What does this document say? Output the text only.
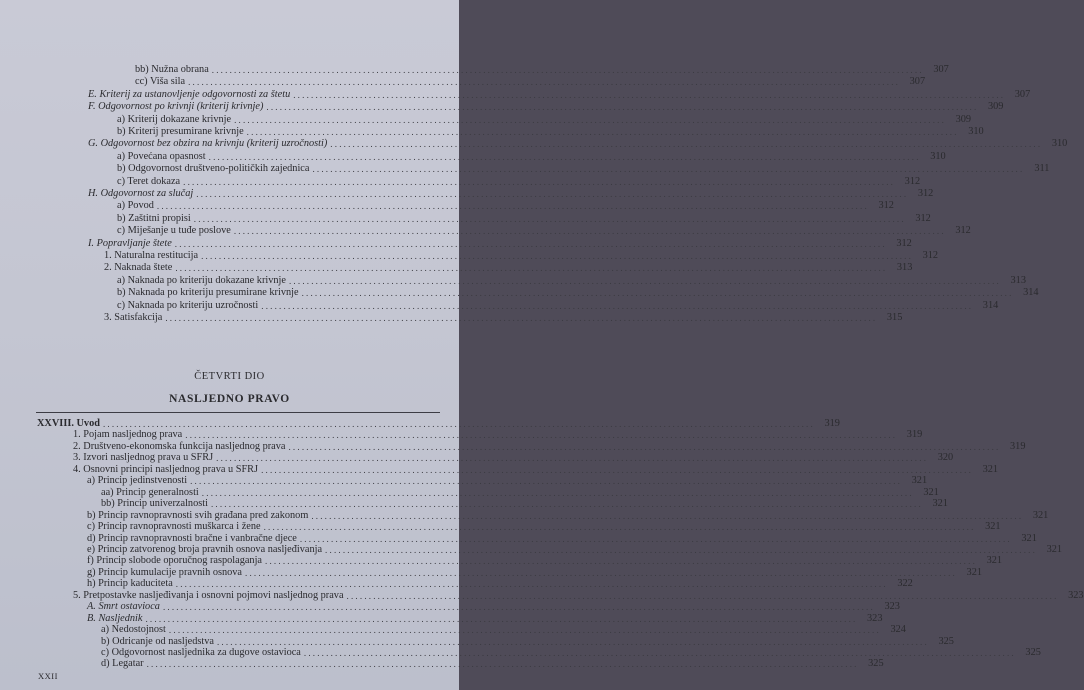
bb) Nužna obrana ................................................................................................................................................................ 307
cc) Viša sila ................................................................................................................................................................ 307
E. Kriterij za ustanovljenje odgovornosti za štetu ................................................................................................................................................................ 307
F. Odgovornost po krivnji (kriterij krivnje) ................................................................................................................................................................ 309
a) Kriterij dokazane krivnje ................................................................................................................................................................ 309
b) Kriterij presumirane krivnje ................................................................................................................................................................ 310
G. Odgovornost bez obzira na krivnju (kriterij uzročnosti) ................................................................................................................................................................ 310
a) Povećana opasnost ................................................................................................................................................................ 310
b) Odgovornost društveno-političkih zajednica ................................................................................................................................................................ 311
c) Teret dokaza ................................................................................................................................................................ 312
H. Odgovornost za slučaj ................................................................................................................................................................ 312
a) Povod ................................................................................................................................................................ 312
b) Zaštitni propisi ................................................................................................................................................................ 312
c) Miješanje u tuđe poslove ................................................................................................................................................................ 312
I. Popravljanje štete ................................................................................................................................................................ 312
1. Naturalna restitucija ................................................................................................................................................................ 312
2. Naknada štete ................................................................................................................................................................ 313
a) Naknada po kriteriju dokazane krivnje ................................................................................................................................................................ 313
b) Naknada po kriteriju presumirane krivnje ................................................................................................................................................................ 314
c) Naknada po kriteriju uzročnosti ................................................................................................................................................................ 314
3. Satisfakcija ................................................................................................................................................................ 315
ČETVRTI DIO
NASLJEDNO PRAVO
XXVIII. Uvod ................................................................................................................................................................ 319
1. Pojam nasljednog prava ................................................................................................................................................................ 319
2. Društveno-ekonomska funkcija nasljednog prava ................................................................................................................................................................ 319
3. Izvori nasljednog prava u SFRJ ................................................................................................................................................................ 320
4. Osnovni principi nasljednog prava u SFRJ ................................................................................................................................................................ 321
a) Princip jedinstvenosti ................................................................................................................................................................ 321
aa) Princip generalnosti ................................................................................................................................................................ 321
bb) Princip univerzalnosti ................................................................................................................................................................ 321
b) Princip ravnopravnosti svih građana pred zakonom ................................................................................................................................................................ 321
c) Princip ravnopravnosti muškarca i žene ................................................................................................................................................................ 321
d) Princip ravnopravnosti bračne i vanbračne djece ................................................................................................................................................................ 321
e) Princip zatvorenog broja pravnih osnova nasljeđivanja ................................................................................................................................................................ 321
f) Princip slobode oporučnog raspolaganja ................................................................................................................................................................ 321
g) Princip kumulacije pravnih osnova ................................................................................................................................................................ 321
h) Princip kaduciteta ................................................................................................................................................................ 322
5. Pretpostavke nasljeđivanja i osnovni pojmovi nasljednog prava ................................................................................................................................................................ 323
A. Smrt ostavioca ................................................................................................................................................................ 323
B. Nasljednik ................................................................................................................................................................ 323
a) Nedostojnost ................................................................................................................................................................ 324
b) Odricanje od nasljedstva ................................................................................................................................................................ 325
c) Odgovornost nasljednika za dugove ostavioca ................................................................................................................................................................ 325
d) Legatar ................................................................................................................................................................ 325
XXII
